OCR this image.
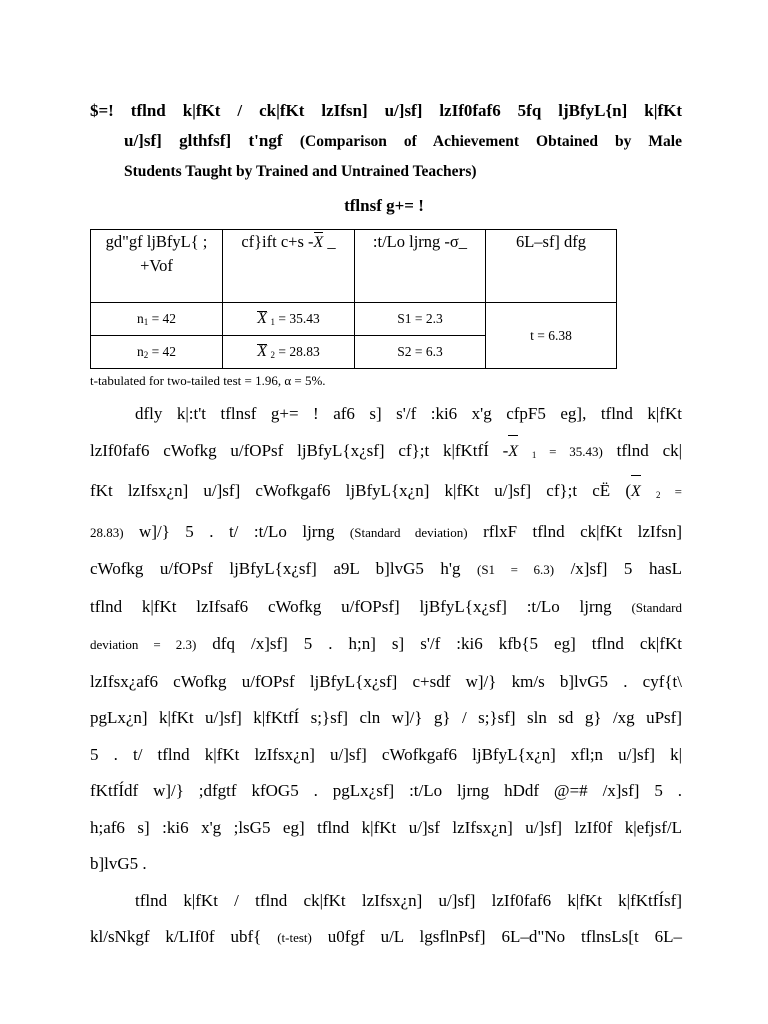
$=! tflnd k|fKt / ck|fKt lzIfsn] u/]sf] lzIf0faf6 5fq ljBfyL{n] k|fKt
u/]sf] glthfsf] t'ngf (Comparison of Achievement Obtained by Male
Students Taught by Trained and Untrained Teachers)
tflnsf g+= !
gd"gf ljBfyL{ ;
+Vof	cf}ift c+s -X _	:t/Lo ljrng -σ_	6L–sf] dfg

n1 = 42	X 1 = 35.43	S1 = 2.3	t = 6.38
n2 = 42	X 2 = 28.83	S2 = 6.3	
t-tabulated for two-tailed test = 1.96, α = 5%.
dfly k|:t't tflnsf g+= ! af6 s] s'/f :ki6 x'g cfpF5 eg], tflnd k|fKt
lzIf0faf6 cWofkg u/fOPsf ljBfyL{x¿sf] cf};t k|fKtfÍ -X 1 = 35.43) tflnd ck|
fKt lzIfsx¿n] u/]sf] cWofkgaf6 ljBfyL{x¿n] k|fKt u/]sf] cf};t cË (X 2 =
28.83) w]/} 5 . t/ :t/Lo ljrng (Standard deviation) rflxF tflnd ck|fKt lzIfsn]
cWofkg u/fOPsf ljBfyL{x¿sf] a9L b]lvG5 h'g (S1 = 6.3) /x]sf] 5 hasL
tflnd k|fKt lzIfsaf6 cWofkg u/fOPsf] ljBfyL{x¿sf] :t/Lo ljrng (Standard
deviation = 2.3) dfq /x]sf] 5 . h;n] s] s'/f :ki6 kfb{5 eg] tflnd ck|fKt
lzIfsx¿af6 cWofkg u/fOPsf ljBfyL{x¿sf] c+sdf w]/} km/s b]lvG5 . cyf{t\
pgLx¿n] k|fKt u/]sf] k|fKtfÍ s;}sf] cln w]/} g} / s;}sf] sln sd g} /xg uPsf]
5 . t/ tflnd k|fKt lzIfsx¿n] u/]sf] cWofkgaf6 ljBfyL{x¿n] xfl;n u/]sf] k|
fKtfÍdf w]/} ;dfgtf kfOG5 . pgLx¿sf] :t/Lo ljrng hDdf @=# /x]sf] 5 .
h;af6 s] :ki6 x'g ;lsG5 eg] tflnd k|fKt u/]sf lzIfsx¿n] u/]sf] lzIf0f k|efjsf/L
b]lvG5 .
tflnd k|fKt / tflnd ck|fKt lzIfsx¿n] u/]sf] lzIf0faf6 k|fKt k|fKtfÍsf]
kl/sNkgf k/LIf0f ubf{ (t-test) u0fgf u/L lgsflnPsf] 6L–d"No tflnsLs[t 6L–
